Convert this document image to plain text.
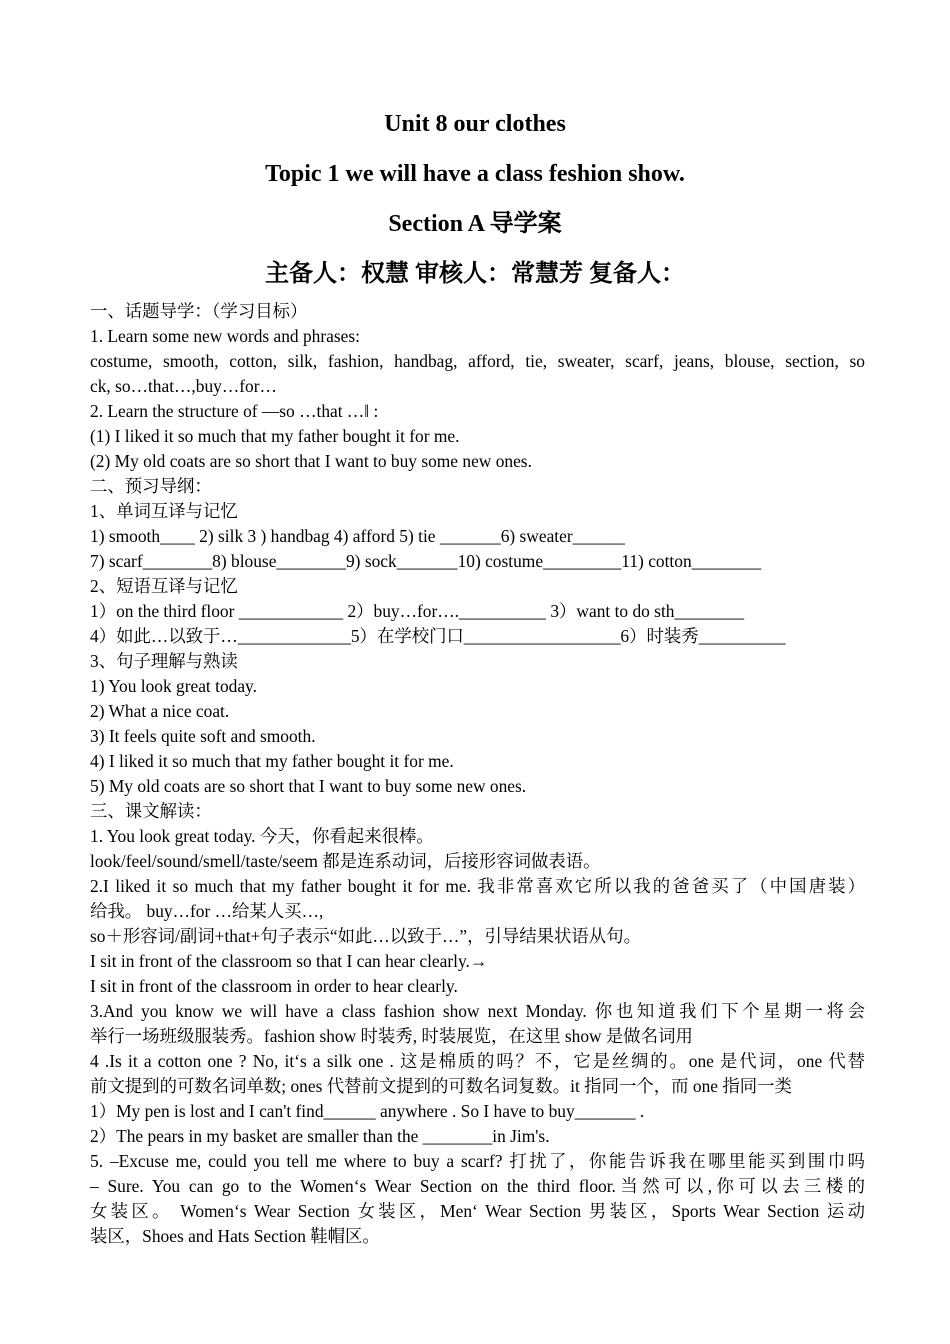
Unit 8 our clothes
Topic 1 we will have a class feshion show.
Section A 导学案
主备人：权慧 审核人：常慧芳 复备人：
一、话题导学：（学习目标）
1. Learn some new words and phrases:
costume, smooth, cotton, silk, fashion, handbag, afford, tie, sweater, scarf, jeans, blouse, section, so
ck, so…that…,buy…for…
2. Learn the structure of ―so …that …‖ :
(1) I liked it so much that my father bought it for me.
(2) My old coats are so short that I want to buy some new ones.
二、预习导纲：
1、单词互译与记忆
1) smooth____ 2) silk 3 ) handbag 4) afford 5) tie _______6) sweater______
7) scarf________8) blouse________9) sock_______10) costume_________11) cotton________
2、短语互译与记忆
1）on the third floor ____________ 2）buy…for….__________ 3）want to do sth________
4）如此…以致于…_____________5）在学校门口__________________6）时装秀__________
3、句子理解与熟读
1) You look great today.
2) What a nice coat.
3) It feels quite soft and smooth.
4) I liked it so much that my father bought it for me.
5) My old coats are so short that I want to buy some new ones.
三、课文解读：
1. You look great today. 今天，你看起来很棒。
look/feel/sound/smell/taste/seem 都是连系动词，后接形容词做表语。
2.I liked it so much that my father bought it for me. 我非常喜欢它所以我的爸爸买了（中国唐装）
给我。 buy…for …给某人买…,
so＋形容词/副词+that+句子表示“如此…以致于…”，引导结果状语从句。
I sit in front of the classroom so that I can hear clearly.→
I sit in front of the classroom in order to hear clearly.
3.And you know we will have a class fashion show next Monday. 你也知道我们下个星期一将会
举行一场班级服装秀。fashion show 时装秀, 时装展览，在这里 show 是做名词用
4 .Is it a cotton one ? No, it‘s a silk one . 这是棉质的吗？不，它是丝绸的。one 是代词，one 代替
前文提到的可数名词单数; ones 代替前文提到的可数名词复数。it 指同一个，而 one 指同一类
1）My pen is lost and I can't find______ anywhere . So I have to buy_______ .
2）The pears in my basket are smaller than the ________in Jim's.
5. –Excuse me, could you tell me where to buy a scarf? 打扰了，你能告诉我在哪里能买到围巾吗
– Sure. You can go to the Women‘s Wear Section on the third floor.当然可以,你可以去三楼的
女装区。 Women‘s Wear Section 女装区，Men‘ Wear Section 男装区，Sports Wear Section 运动
装区，Shoes and Hats Section 鞋帽区。
